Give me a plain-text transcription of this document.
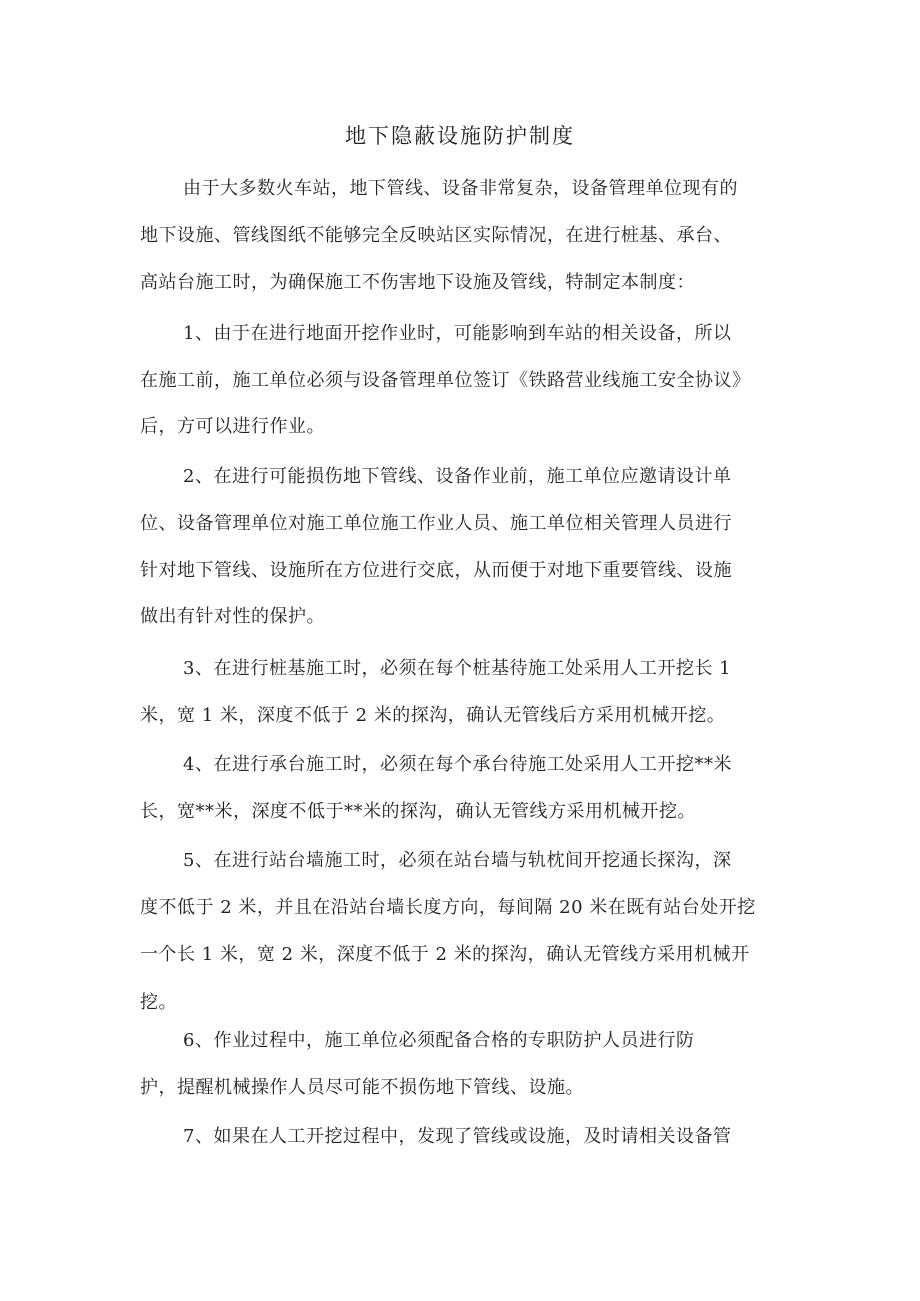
地下隐蔽设施防护制度
由于大多数火车站，地下管线、设备非常复杂，设备管理单位现有的
地下设施、管线图纸不能够完全反映站区实际情况，在进行桩基、承台、
高站台施工时，为确保施工不伤害地下设施及管线，特制定本制度：
1、由于在进行地面开挖作业时，可能影响到车站的相关设备，所以
在施工前，施工单位必须与设备管理单位签订《铁路营业线施工安全协议》
后，方可以进行作业。
2、在进行可能损伤地下管线、设备作业前，施工单位应邀请设计单
位、设备管理单位对施工单位施工作业人员、施工单位相关管理人员进行
针对地下管线、设施所在方位进行交底，从而便于对地下重要管线、设施
做出有针对性的保护。
3、在进行桩基施工时，必须在每个桩基待施工处采用人工开挖长 1
米，宽 1 米，深度不低于 2 米的探沟，确认无管线后方采用机械开挖。
4、在进行承台施工时，必须在每个承台待施工处采用人工开挖**米
长，宽**米，深度不低于**米的探沟，确认无管线方采用机械开挖。
5、在进行站台墙施工时，必须在站台墙与轨枕间开挖通长探沟，深
度不低于 2 米，并且在沿站台墙长度方向，每间隔 20 米在既有站台处开挖
一个长 1 米，宽 2 米，深度不低于 2 米的探沟，确认无管线方采用机械开
挖。
6、作业过程中，施工单位必须配备合格的专职防护人员进行防
护，提醒机械操作人员尽可能不损伤地下管线、设施。
7、如果在人工开挖过程中，发现了管线或设施，及时请相关设备管
